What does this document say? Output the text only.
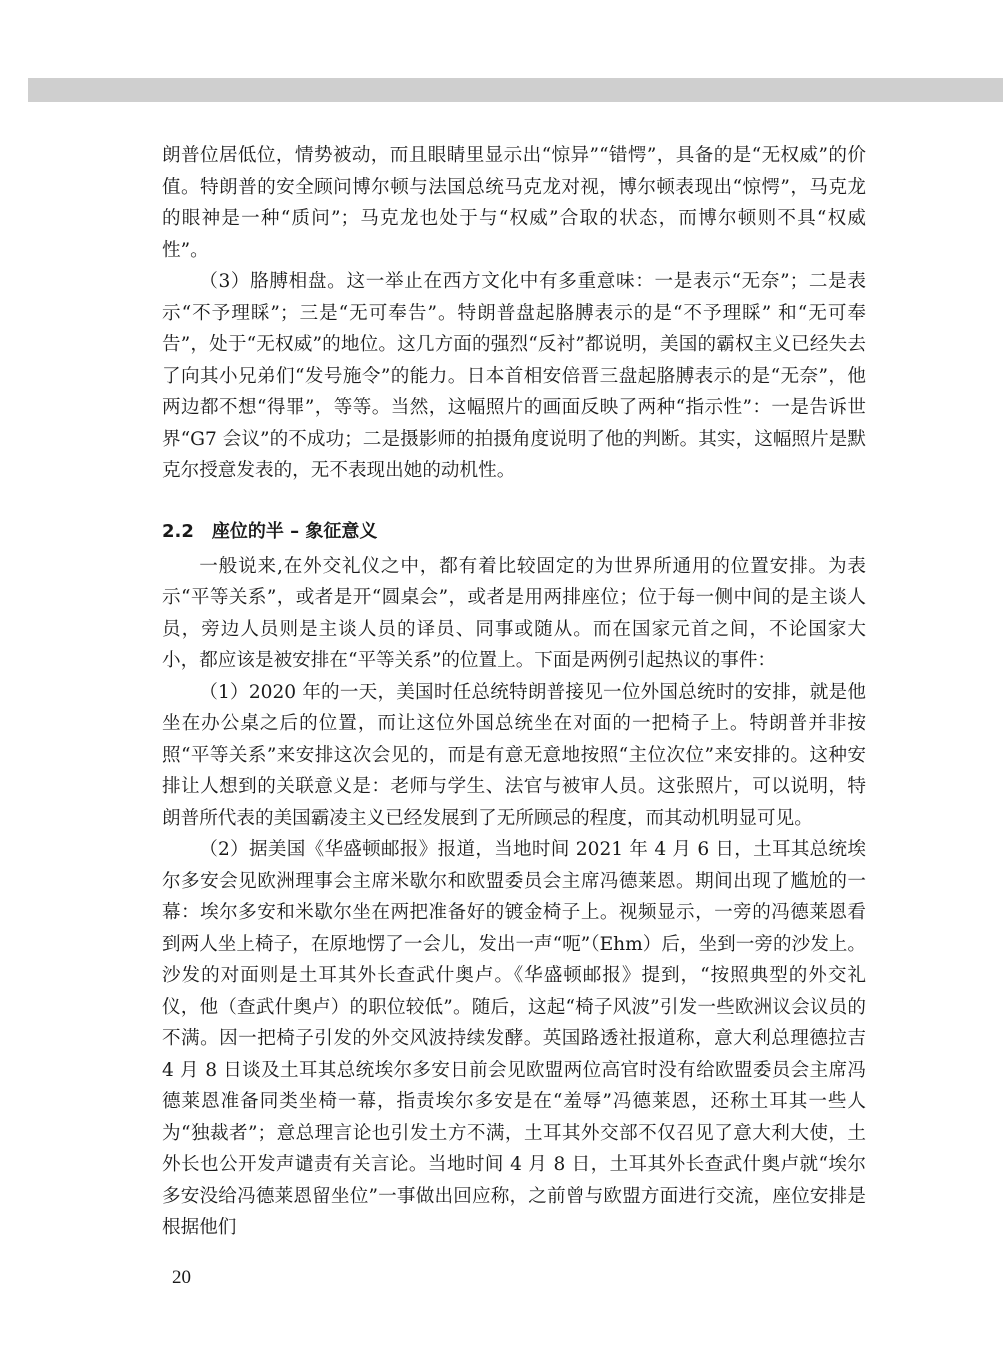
朗普位居低位，情势被动，而且眼睛里显示出“惊异”“错愕”，具备的是“无权威”的价值。特朗普的安全顾问博尔顿与法国总统马克龙对视，博尔顿表现出“惊愕”，马克龙的眼神是一种“质问”；马克龙也处于与“权威”合取的状态，而博尔顿则不具“权威性”。

（3）胳膊相盘。这一举止在西方文化中有多重意味：一是表示“无奈”；二是表示“不予理睬”；三是“无可奉告”。特朗普盘起胳膊表示的是“不予理睬” 和“无可奉告”，处于“无权威”的地位。这几方面的强烈“反衬”都说明，美国的霸权主义已经失去了向其小兄弟们“发号施令”的能力。日本首相安倍晋三盘起胳膊表示的是“无奈”，他两边都不想“得罪”，等等。当然，这幅照片的画面反映了两种“指示性”：一是告诉世界“G7 会议”的不成功；二是摄影师的拍摄角度说明了他的判断。其实，这幅照片是默克尔授意发表的，无不表现出她的动机性。

2.2 座位的半 – 象征意义

一般说来,在外交礼仪之中，都有着比较固定的为世界所通用的位置安排。为表示“平等关系”，或者是开“圆桌会”，或者是用两排座位；位于每一侧中间的是主谈人员，旁边人员则是主谈人员的译员、同事或随从。而在国家元首之间，不论国家大小，都应该是被安排在“平等关系”的位置上。下面是两例引起热议的事件：

（1）2020 年的一天，美国时任总统特朗普接见一位外国总统时的安排，就是他坐在办公桌之后的位置，而让这位外国总统坐在对面的一把椅子上。特朗普并非按照“平等关系”来安排这次会见的，而是有意无意地按照“主位次位”来安排的。这种安排让人想到的关联意义是：老师与学生、法官与被审人员。这张照片，可以说明，特朗普所代表的美国霸凌主义已经发展到了无所顾忌的程度，而其动机明显可见。

（2）据美国《华盛顿邮报》报道，当地时间 2021 年 4 月 6 日，土耳其总统埃尔多安会见欧洲理事会主席米歇尔和欧盟委员会主席冯德莱恩。期间出现了尴尬的一幕：埃尔多安和米歇尔坐在两把准备好的镀金椅子上。视频显示，一旁的冯德莱恩看到两人坐上椅子，在原地愣了一会儿，发出一声“呃”（Ehm）后，坐到一旁的沙发上。沙发的对面则是土耳其外长查武什奥卢。《华盛顿邮报》提到，“按照典型的外交礼仪，他（查武什奥卢）的职位较低”。随后，这起“椅子风波”引发一些欧洲议会议员的不满。因一把椅子引发的外交风波持续发酵。英国路透社报道称，意大利总理德拉吉 4 月 8 日谈及土耳其总统埃尔多安日前会见欧盟两位高官时没有给欧盟委员会主席冯德莱恩准备同类坐椅一幕，指责埃尔多安是在“羞辱”冯德莱恩，还称土耳其一些人为“独裁者”；意总理言论也引发土方不满，土耳其外交部不仅召见了意大利大使，土外长也公开发声谴责有关言论。当地时间 4 月 8 日，土耳其外长查武什奥卢就“埃尔多安没给冯德莱恩留坐位”一事做出回应称，之前曾与欧盟方面进行交流，座位安排是根据他们

20
